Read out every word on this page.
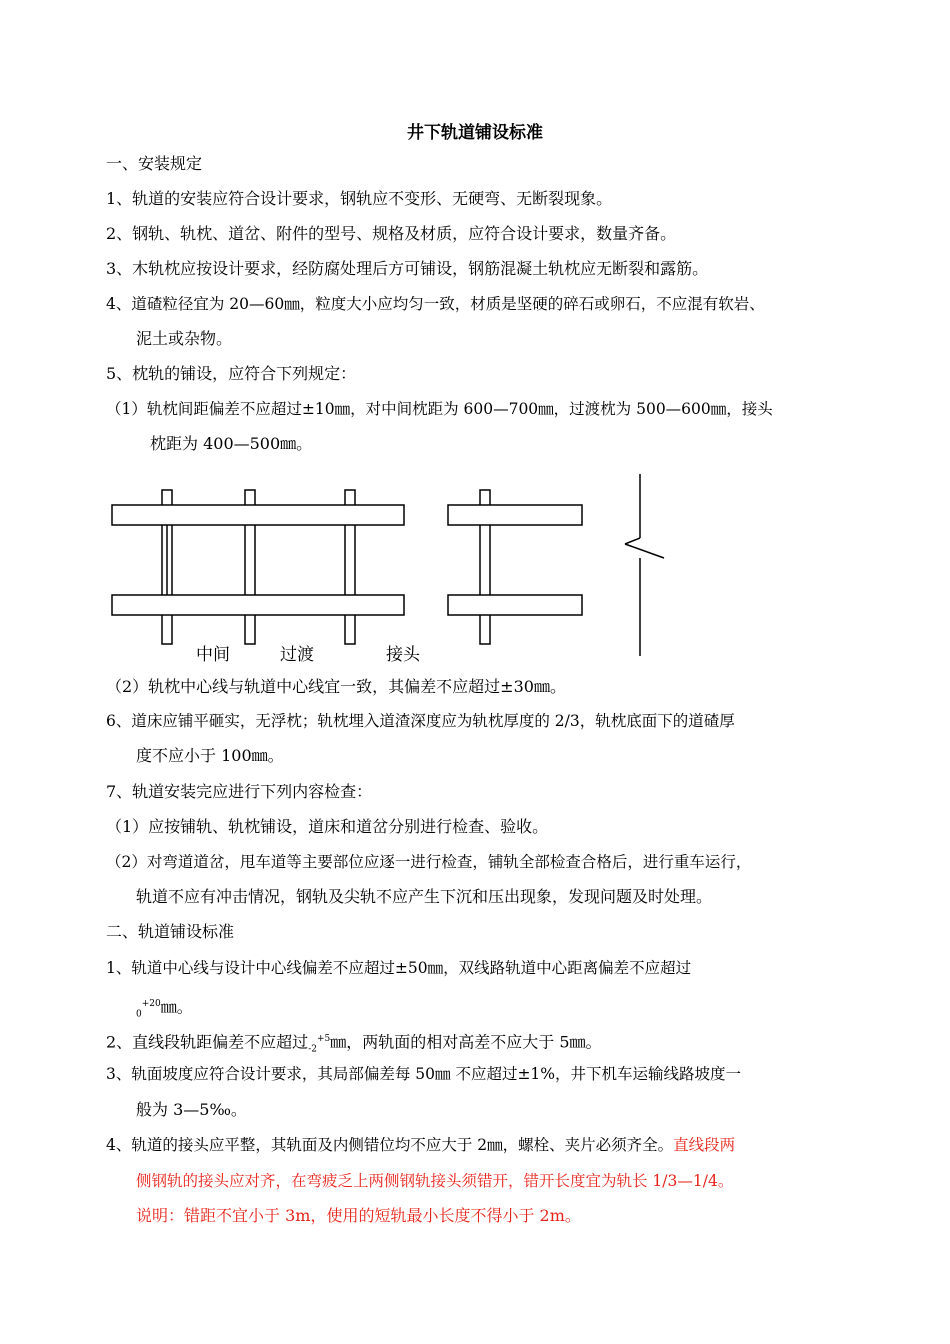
井下轨道铺设标准
一、安装规定
1、轨道的安装应符合设计要求，钢轨应不变形、无硬弯、无断裂现象。
2、钢轨、轨枕、道岔、附件的型号、规格及材质，应符合设计要求，数量齐备。
3、木轨枕应按设计要求，经防腐处理后方可铺设，钢筋混凝土轨枕应无断裂和露筋。
4、道碴粒径宜为 20—60㎜，粒度大小应均匀一致，材质是坚硬的碎石或卵石，不应混有软岩、
泥土或杂物。
5、枕轨的铺设，应符合下列规定：
（1）轨枕间距偏差不应超过±10㎜，对中间枕距为 600—700㎜，过渡枕为 500—600㎜，接头
枕距为 400—500㎜。
中间	过渡	接头
（2）轨枕中心线与轨道中心线宜一致，其偏差不应超过±30㎜。
6、道床应铺平砸实，无浮枕；轨枕埋入道渣深度应为轨枕厚度的 2/3，轨枕底面下的道碴厚
度不应小于 100㎜。
7、轨道安装完应进行下列内容检查：
（1）应按铺轨、轨枕铺设，道床和道岔分别进行检查、验收。
（2）对弯道道岔，甩车道等主要部位应逐一进行检查，铺轨全部检查合格后，进行重车运行，
轨道不应有冲击情况，钢轨及尖轨不应产生下沉和压出现象，发现问题及时处理。
二、轨道铺设标准
1、轨道中心线与设计中心线偏差不应超过±50㎜，双线路轨道中心距离偏差不应超过
$_0^{+20}$㎜。
2、直线段轨距偏差不应超过$_{-2}^{+5}$㎜，两轨面的相对高差不应大于 5㎜。
3、轨面坡度应符合设计要求，其局部偏差每 50㎜ 不应超过±1%，井下机车运输线路坡度一
般为 3—5‰。
4、轨道的接头应平整，其轨面及内侧错位均不应大于 2㎜，螺栓、夹片必须齐全。直线段两
侧钢轨的接头应对齐，在弯疲乏上两侧钢轨接头须错开，错开长度宜为轨长 1/3—1/4。
说明：错距不宜小于 3m，使用的短轨最小长度不得小于 2m。
